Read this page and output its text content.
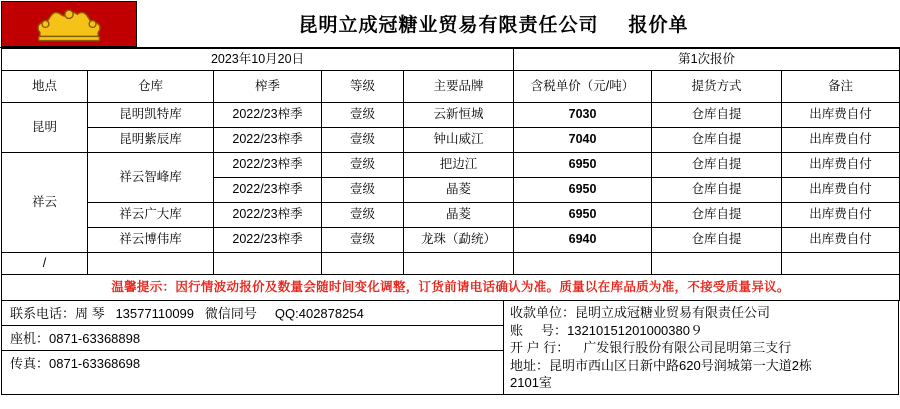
昆明立成冠糖业贸易有限责任公司 报价单
2023年10月20日					第1次报价		
地点	仓库	榨季	等级	主要品牌	含税单价（元/吨）	提货方式	备注
昆明	昆明凯特库	2022/23榨季	壹级	云新恒城	7030	仓库自提	出库费自付
	昆明紫辰库	2022/23榨季	壹级	钟山威江	7040	仓库自提	出库费自付
祥云	祥云智峰库	2022/23榨季	壹级	把边江	6950	仓库自提	出库费自付
		2022/23榨季	壹级	晶菱	6950	仓库自提	出库费自付
	祥云广大库	2022/23榨季	壹级	晶菱	6950	仓库自提	出库费自付
	祥云博伟库	2022/23榨季	壹级	龙珠（勐统）	6940	仓库自提	出库费自付
/							
温馨提示：因行情波动报价及数量会随时间变化调整，订货前请电话确认为准。质量以在库品质为准，不接受质量异议。							
联系电话：周 琴   13577110099   微信同号     QQ:402878254
座机：0871-63368898
传真：0871-63368698
收款单位：昆明立成冠糖业贸易有限责任公司
账     号：13210151201000380９
开 户 行： 广发银行股份有限公司昆明第三支行
地址：昆明市西山区日新中路620号润城第一大道2栋
2101室
